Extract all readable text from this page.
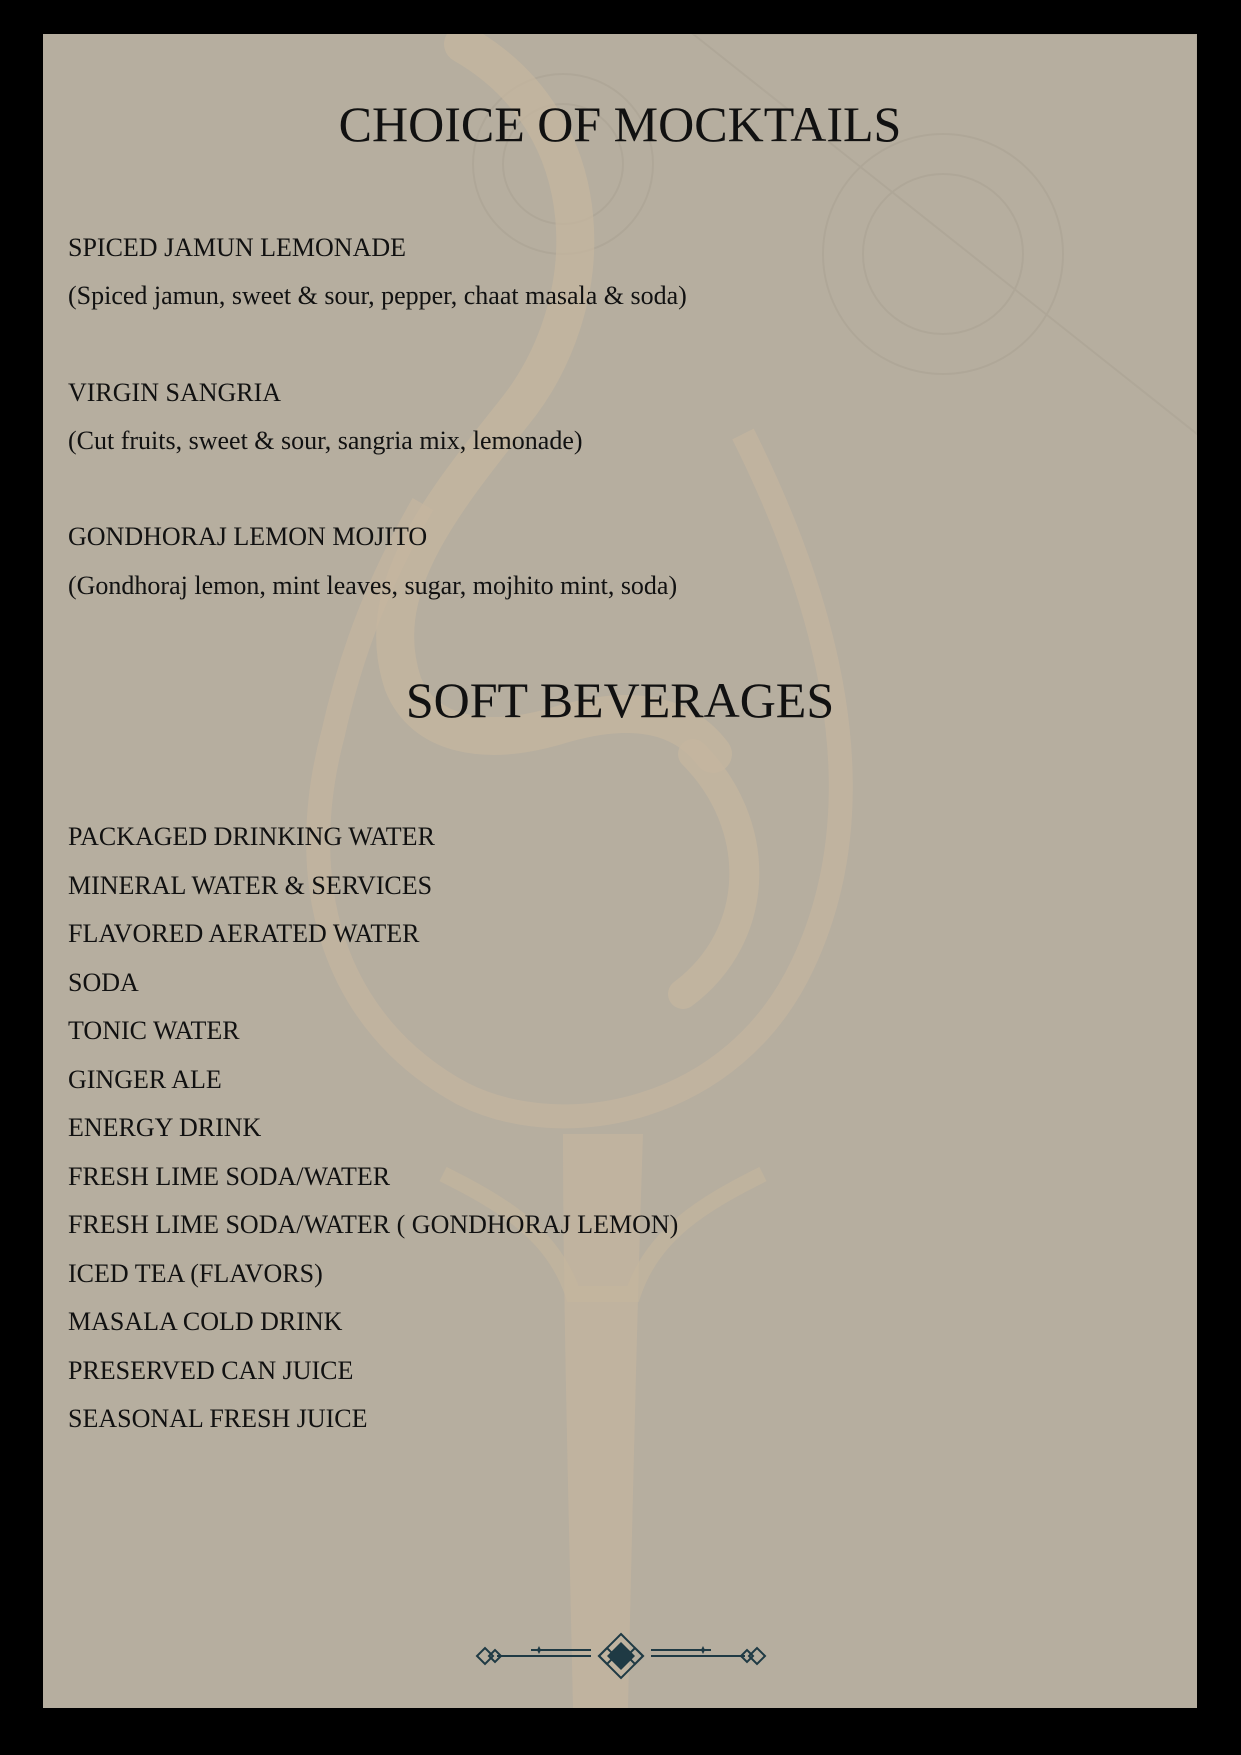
CHOICE OF MOCKTAILS
SPICED JAMUN LEMONADE
(Spiced jamun, sweet & sour, pepper, chaat masala & soda)
VIRGIN SANGRIA
(Cut fruits, sweet & sour, sangria mix, lemonade)
GONDHORAJ LEMON MOJITO
(Gondhoraj lemon, mint leaves, sugar, mojhito mint, soda)
SOFT BEVERAGES
PACKAGED DRINKING WATER
MINERAL WATER & SERVICES
FLAVORED AERATED WATER
SODA
TONIC WATER
GINGER ALE
ENERGY DRINK
FRESH LIME SODA/WATER
FRESH LIME SODA/WATER ( GONDHORAJ LEMON)
ICED TEA (FLAVORS)
MASALA COLD DRINK
PRESERVED CAN JUICE
SEASONAL FRESH JUICE
